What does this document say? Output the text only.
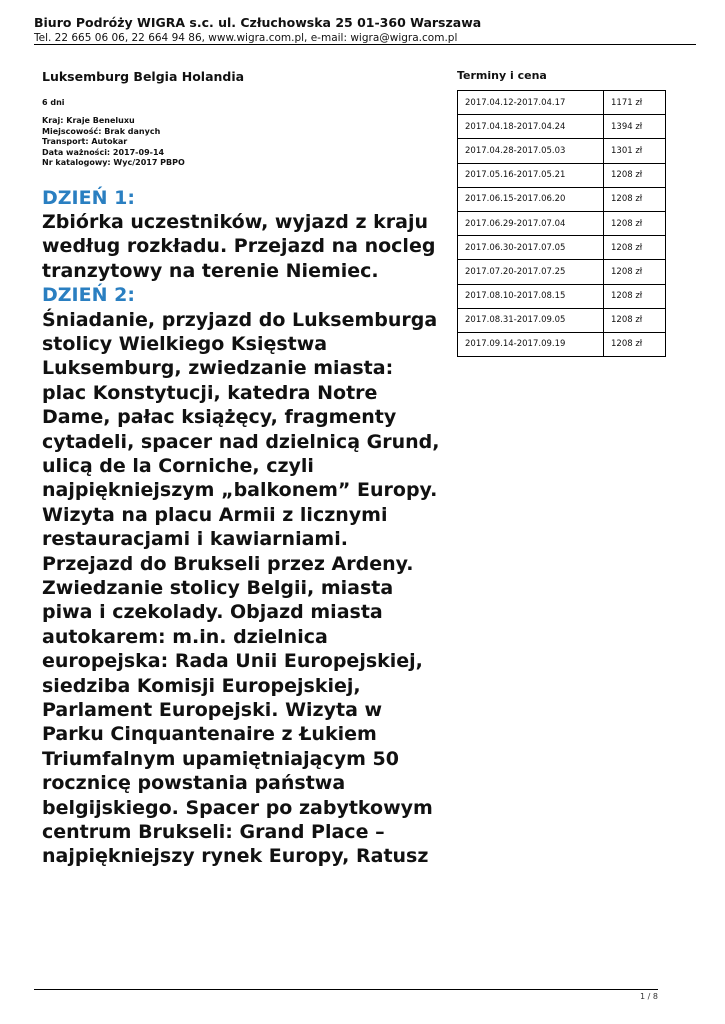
Biuro Podróży WIGRA s.c. ul. Człuchowska 25 01-360 Warszawa
Tel. 22 665 06 06, 22 664 94 86, www.wigra.com.pl, e-mail: wigra@wigra.com.pl
Luksemburg Belgia Holandia
6 dni
Kraj: Kraje Beneluxu
Miejscowość: Brak danych
Transport: Autokar
Data ważności: 2017-09-14
Nr katalogowy: Wyc/2017 PBPO
DZIEŃ 1:
Zbiórka uczestników, wyjazd z kraju według rozkładu. Przejazd na nocleg tranzytowy na terenie Niemiec.
DZIEŃ 2:
Śniadanie, przyjazd do Luksemburga stolicy Wielkiego Księstwa Luksemburg, zwiedzanie miasta: plac Konstytucji, katedra Notre Dame, pałac książęcy, fragmenty cytadeli, spacer nad dzielnicą Grund, ulicą de la Corniche, czyli najpiękniejszym „balkonem” Europy. Wizyta na placu Armii z licznymi restauracjami i kawiarniami. Przejazd do Brukseli przez Ardeny. Zwiedzanie stolicy Belgii, miasta piwa i czekolady. Objazd miasta autokarem: m.in. dzielnica europejska: Rada Unii Europejskiej, siedziba Komisji Europejskiej, Parlament Europejski. Wizyta w Parku Cinquantenaire z Łukiem Triumfalnym upamiętniającym 50 rocznicę powstania państwa belgijskiego. Spacer po zabytkowym centrum Brukseli: Grand Place – najpiękniejszy rynek Europy, Ratusz
Terminy i cena
2017.04.12-2017.04.17	1171 zł
2017.04.18-2017.04.24	1394 zł
2017.04.28-2017.05.03	1301 zł
2017.05.16-2017.05.21	1208 zł
2017.06.15-2017.06.20	1208 zł
2017.06.29-2017.07.04	1208 zł
2017.06.30-2017.07.05	1208 zł
2017.07.20-2017.07.25	1208 zł
2017.08.10-2017.08.15	1208 zł
2017.08.31-2017.09.05	1208 zł
2017.09.14-2017.09.19	1208 zł
1 / 8
